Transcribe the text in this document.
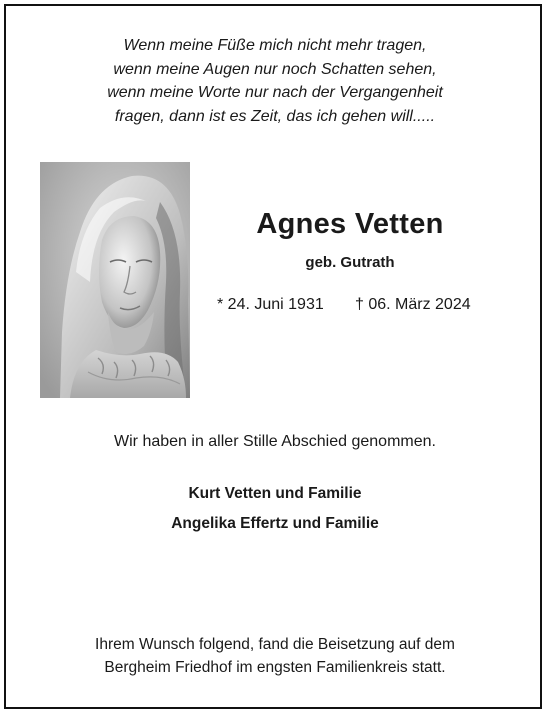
Wenn meine Füße mich nicht mehr tragen,
wenn meine Augen nur noch Schatten sehen,
wenn meine Worte nur nach der Vergangenheit
fragen, dann ist es Zeit, das ich gehen will.....
Agnes Vetten
geb. Gutrath
* 24. Juni 1931 † 06. März 2024
Wir haben in aller Stille Abschied genommen.
Kurt Vetten und Familie
Angelika Effertz und Familie
Ihrem Wunsch folgend, fand die Beisetzung auf dem
Bergheim Friedhof im engsten Familienkreis statt.
